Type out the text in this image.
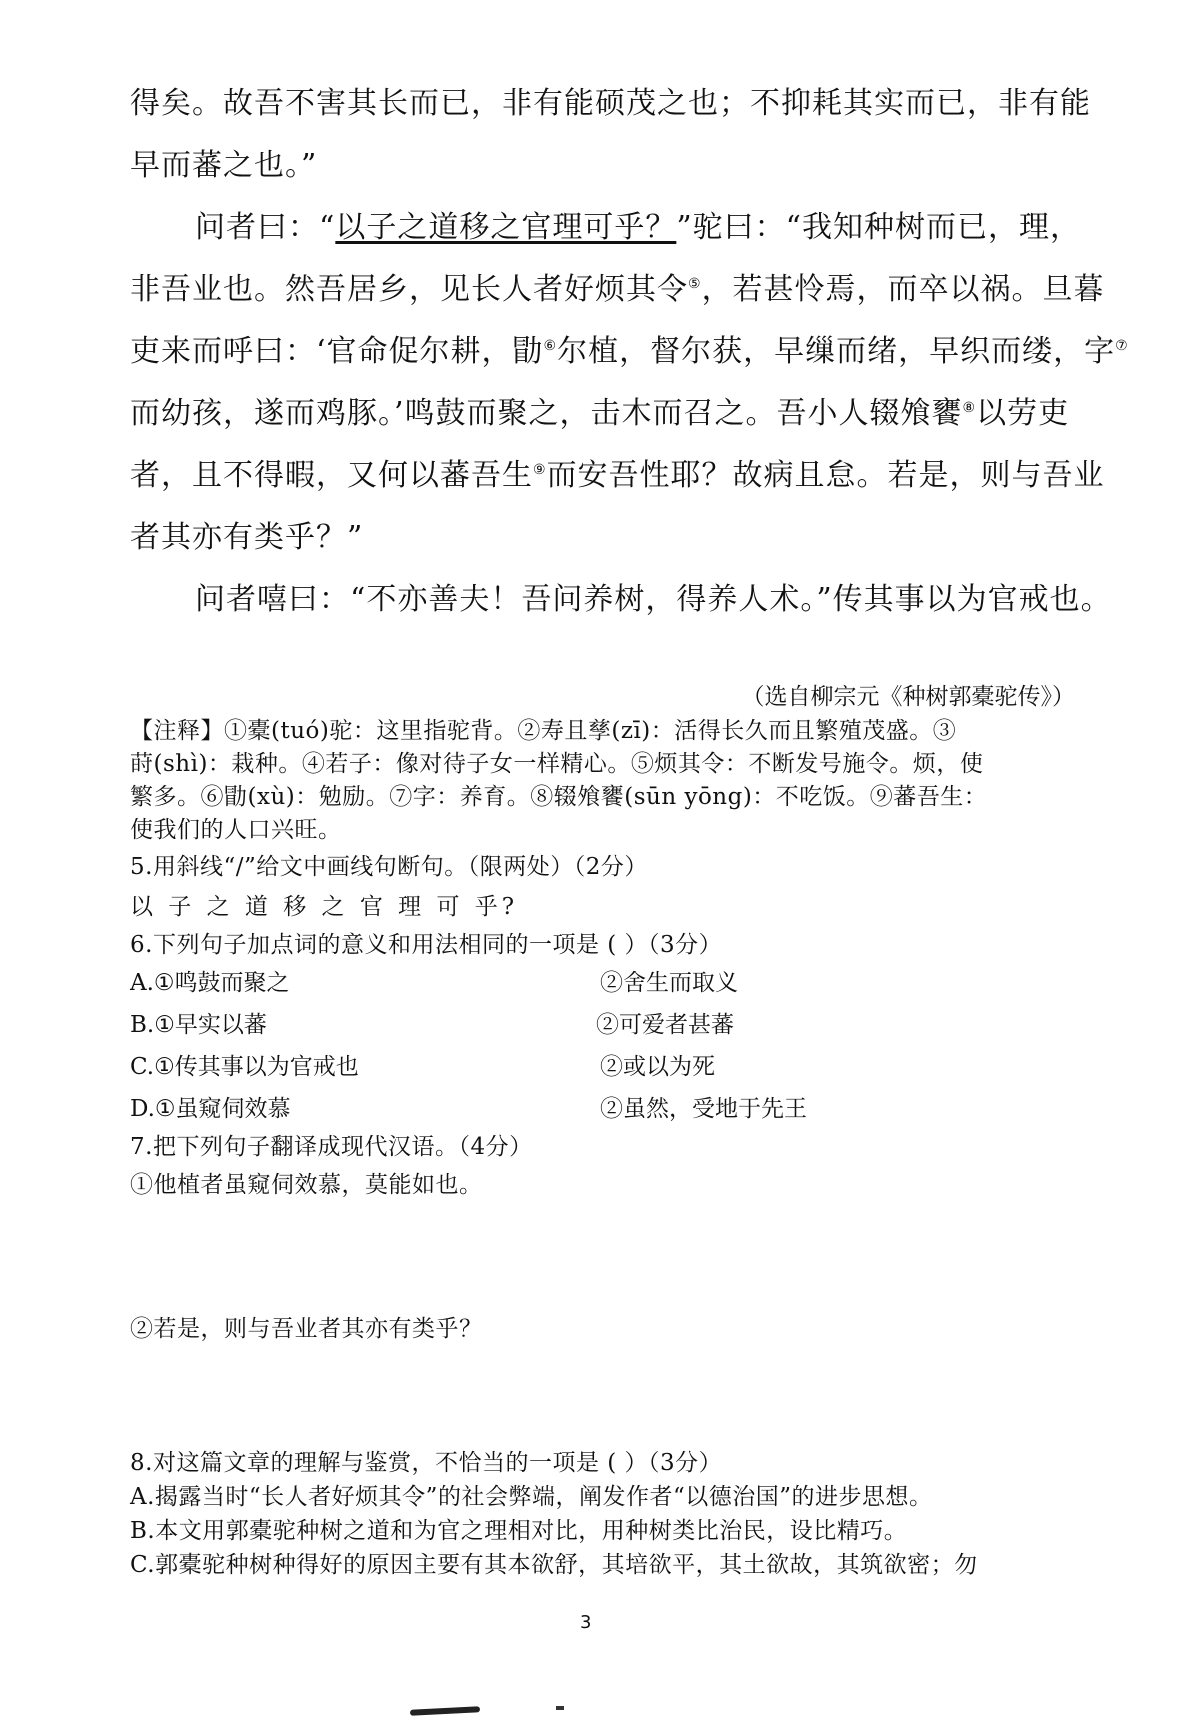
得矣。故吾不害其长而已，非有能硕茂之也；不抑耗其实而已，非有能
早而蕃之也。”
问者曰：“以子之道移之官理可乎？”驼曰：“我知种树而已，理，
非吾业也。然吾居乡，见长人者好烦其令⑤，若甚怜焉，而卒以祸。旦暮
吏来而呼曰：‘官命促尔耕，勖⑥尔植，督尔获，早缫而绪，早织而缕，字⑦
而幼孩，遂而鸡豚。’鸣鼓而聚之，击木而召之。吾小人辍飧饔⑧以劳吏
者，且不得暇，又何以蕃吾生⑨而安吾性耶？故病且怠。若是，则与吾业
者其亦有类乎？”
问者嘻曰：“不亦善夫！吾问养树，得养人术。”传其事以为官戒也。
（选自柳宗元《种树郭橐驼传》）
【注释】①橐(tuó)驼：这里指驼背。②寿且孳(zī)：活得长久而且繁殖茂盛。③
莳(shì)：栽种。④若子：像对待子女一样精心。⑤烦其令：不断发号施令。烦，使
繁多。⑥勖(xù)：勉励。⑦字：养育。⑧辍飧饔(sūn yōng)：不吃饭。⑨蕃吾生：
使我们的人口兴旺。
5.用斜线“/”给文中画线句断句。（限两处）（2分）
以 子 之 道 移 之 官 理 可 乎?
6.下列句子加点词的意义和用法相同的一项是 ( ）（3分）
A.①鸣鼓而聚之	②舍生而取义
B.①早实以蕃	②可爱者甚蕃
C.①传其事以为官戒也	②或以为死
D.①虽窥伺效慕	②虽然，受地于先王
7.把下列句子翻译成现代汉语。（4分）
①他植者虽窥伺效慕，莫能如也。
②若是，则与吾业者其亦有类乎？
8.对这篇文章的理解与鉴赏，不恰当的一项是 ( ）（3分）
A.揭露当时“长人者好烦其令”的社会弊端，阐发作者“以德治国”的进步思想。
B.本文用郭橐驼种树之道和为官之理相对比，用种树类比治民，设比精巧。
C.郭橐驼种树种得好的原因主要有其本欲舒，其培欲平，其土欲故，其筑欲密；勿
3
